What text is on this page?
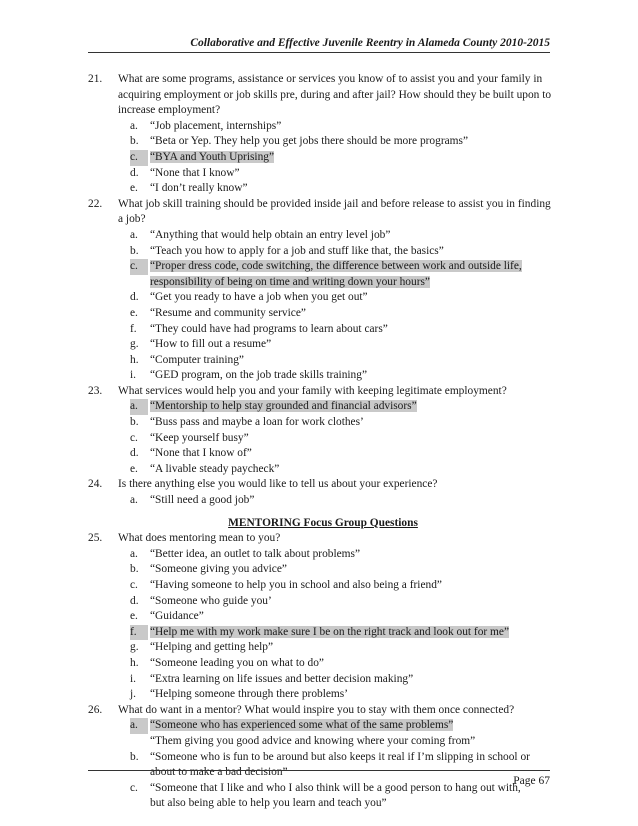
Collaborative and Effective Juvenile Reentry in Alameda County 2010-2015
21.	What are some programs, assistance or services you know of to assist you and your family in acquiring employment or job skills pre, during and after jail? How should they be built upon to increase employment?
a.	“Job placement, internships”
b.	“Beta or Yep. They help you get jobs there should be more programs”
c.	“BYA and Youth Uprising”
d.	“None that I know”
e.	“I don’t really know”
22.	What job skill training should be provided inside jail and before release to assist you in finding a job?
a.	“Anything that would help obtain an entry level job”
b.	“Teach you how to apply for a job and stuff like that, the basics”
c.	“Proper dress code, code switching, the difference between work and outside life,
responsibility of being on time and writing down your hours”
d.	“Get you ready to have a job when you get out”
e.	“Resume and community service”
f.	“They could have had programs to learn about cars”
g.	“How to fill out a resume”
h.	“Computer training”
i.	“GED program, on the job trade skills training”
23.	What services would help you and your family with keeping legitimate employment?
a.	“Mentorship to help stay grounded and financial advisors”
b.	“Buss pass and maybe a loan for work clothes’
c.	“Keep yourself busy”
d.	“None that I know of”
e.	“A livable steady paycheck”
24.	Is there anything else you would like to tell us about your experience?
a.	“Still need a good job”
MENTORING Focus Group Questions
25.	What does mentoring mean to you?
a.	“Better idea, an outlet to talk about problems”
b.	“Someone giving you advice”
c.	“Having someone to help you in school and also being a friend”
d.	“Someone who guide you’
e.	“Guidance”
f.	“Help me with my work make sure I be on the right track and look out for me”
g.	“Helping and getting help”
h.	“Someone leading you on what to do”
i.	“Extra learning on life issues and better decision making”
j.	“Helping someone through there problems’
26.	What do want in a mentor? What would inspire you to stay with them once connected?
a.	“Someone who has experienced some what of the same problems”
“Them giving you good advice and knowing where your coming from”
b.	“Someone who is fun to be around but also keeps it real if I’m slipping in school or
about to make a bad decision”
c.	“Someone that I like and who I also think will be a good person to hang out with,
but also being able to help you learn and teach you”
Page 67
